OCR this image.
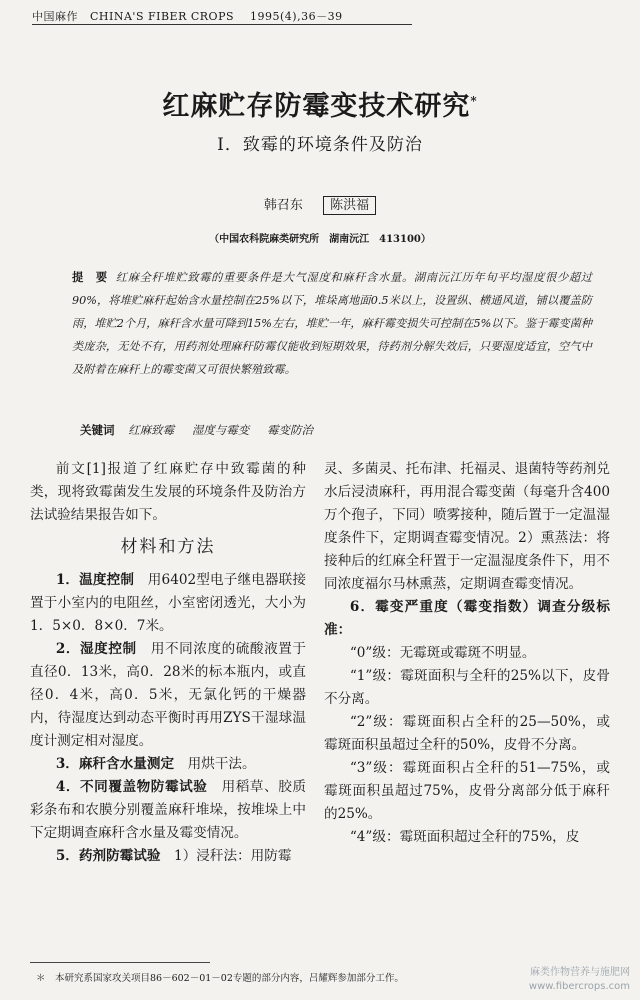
中国麻作 CHINA'S FIBER CROPS 1995(4),36－39
红麻贮存防霉变技术研究*
Ⅰ．致霉的环境条件及防治
韩召东 陈洪福
（中国农科院麻类研究所　湖南沅江　413100）
提　要 红麻全秆堆贮致霉的重要条件是大气湿度和麻秆含水量。湖南沅江历年旬平均湿度很少超过90%，将堆贮麻秆起始含水量控制在25%以下，堆垛离地面0.5米以上，设置纵、横通风道，铺以覆盖防雨，堆贮2个月，麻秆含水量可降到15%左右，堆贮一年，麻秆霉变损失可控制在5%以下。鉴于霉变菌种类庞杂，无处不有，用药剂处理麻秆防霉仅能收到短期效果，待药剂分解失效后，只要湿度适宜，空气中及附着在麻秆上的霉变菌又可很快繁殖致霉。
关键词 红麻致霉 湿度与霉变 霉变防治

前文[1]报道了红麻贮存中致霉菌的种类，现将致霉菌发生发展的环境条件及防治方法试验结果报告如下。

材料和方法

1．温度控制　用6402型电子继电器联接置于小室内的电阻丝，小室密闭透光，大小为1．5×0．8×0．7米。

2．湿度控制　用不同浓度的硫酸液置于直径0．13米，高0．28米的标本瓶内，或直径0．4米，高0．5米，无氯化钙的干燥器内，待湿度达到动态平衡时再用ZYS干湿球温度计测定相对湿度。

3．麻秆含水量测定　用烘干法。

4．不同覆盖物防霉试验　用稻草、胶质彩条布和农膜分别覆盖麻秆堆垛，按堆垛上中下定期调查麻秆含水量及霉变情况。

5．药剂防霉试验　1）浸秆法：用防霉

灵、多菌灵、托布津、托福灵、退菌特等药剂兑水后浸渍麻秆，再用混合霉变菌（每毫升含400万个孢子，下同）喷雾接种，随后置于一定温湿度条件下，定期调查霉变情况。2）熏蒸法：将接种后的红麻全秆置于一定温湿度条件下，用不同浓度福尔马林熏蒸，定期调查霉变情况。

6．霉变严重度（霉变指数）调查分级标准：

“0”级：无霉斑或霉斑不明显。

“1”级：霉斑面积与全秆的25%以下，皮骨不分离。

“2”级：霉斑面积占全秆的25—50%，或霉斑面积虽超过全秆的50%，皮骨不分离。

“3”级：霉斑面积占全秆的51—75%，或霉斑面积虽超过75%，皮骨分离部分低于麻秆的25%。

“4”级：霉斑面积超过全秆的75%，皮

＊　本研究系国家攻关项目86－602－01－02专题的部分内容，吕耀辉参加部分工作。
麻类作物营养与施肥网
www.fibercrops.com
